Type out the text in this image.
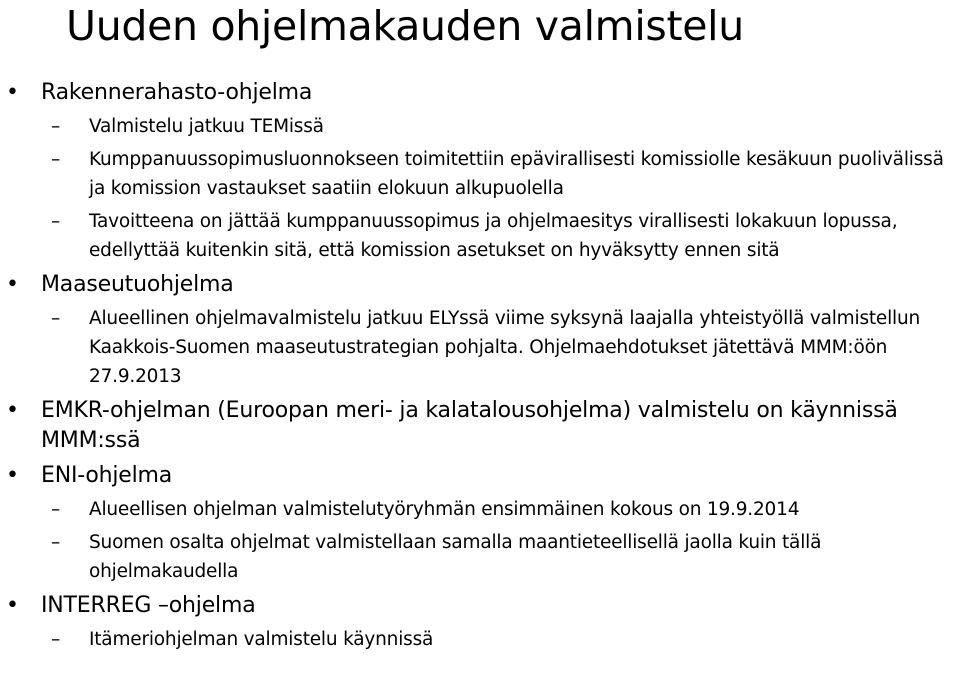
Uuden ohjelmakauden valmistelu
• Rakennerahasto-ohjelma
– Valmistelu jatkuu TEMissä
– Kumppanuussopimusluonnokseen toimitettiin epävirallisesti komissiolle kesäkuun puolivälissä ja komission vastaukset saatiin elokuun alkupuolella
– Tavoitteena on jättää kumppanuussopimus ja ohjelmaesitys virallisesti lokakuun lopussa, edellyttää kuitenkin sitä, että komission asetukset on hyväksytty ennen sitä
• Maaseutuohjelma
– Alueellinen ohjelmavalmistelu jatkuu ELYssä viime syksynä laajalla yhteistyöllä valmistellun Kaakkois-Suomen maaseutustrategian pohjalta. Ohjelmaehdotukset jätettävä MMM:öön 27.9.2013
• EMKR-ohjelman (Euroopan meri- ja kalatalousohjelma) valmistelu on käynnissä MMM:ssä
• ENI-ohjelma
– Alueellisen ohjelman valmistelutyöryhmän ensimmäinen kokous on 19.9.2014
– Suomen osalta ohjelmat valmistellaan samalla maantieteellisellä jaolla kuin tällä ohjelmakaudella
• INTERREG –ohjelma
– Itämeriohjelman valmistelu käynnissä
